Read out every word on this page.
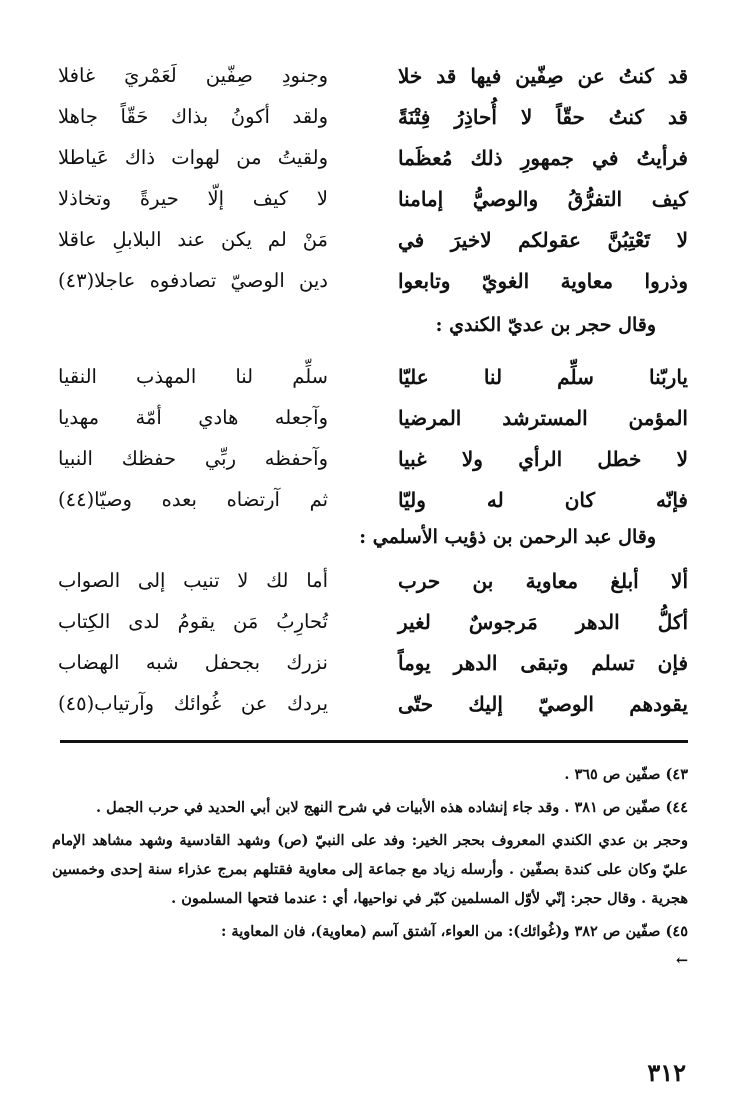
قد كنتُ عن صِفّين فيها قد خلا
وجنودِ صِفّين لَعَمْريَ غافلا
قد كنتُ حقّاً لا أُحاذِرُ فِتْنَةً
ولقد أكونُ بذاك حَقّاً جاهلا
فرأيتُ في جمهورِ ذلك مُعظَما
ولقيتُ من لهوات ذاك عَياطلا
كيف التفرُّقُ والوصيُّ إمامنا
لا كيف إلّا حيرةً وتخاذلا
لا تَعْتِبُنَّ عقولكم لاخيرَ في
مَنْ لم يكن عند البلابلِ عاقلا
وذروا معاوية الغويّ وتابعوا
دين الوصيّ تصادفوه عاجلا(٤٣)
وقال حجر بن عديّ الكندي :
ياربّنا سلِّم لنا عليّا
سلِّم لنا المهذب النقيا
المؤمن المسترشد المرضيا
وآجعله هادي أمّة مهديا
لا خطل الرأي ولا غبيا
وآحفظه ربِّي حفظك النبيا
فإنّه كان له وليّا
ثم آرتضاه بعده وصيّا(٤٤)
وقال عبد الرحمن بن ذؤيب الأسلمي :
ألا أبلغ معاوية بن حرب
أما لك لا تنيب إلى الصواب
أكلُّ الدهر مَرجوسٌ لغير
تُحارِبُ مَن يقومُ لدى الكِتاب
فإن تسلم وتبقى الدهر يوماً
نزرك بجحفل شبه الهضاب
يقودهم الوصيّ إليك حتّى
يردك عن غُوائك وآرتياب(٤٥)

٤٣) صفّين ص ٣٦٥ .

٤٤) صفّين ص ٣٨١ . وقد جاء إنشاده هذه الأبيات في شرح النهج لابن أبي الحديد في حرب الجمل .

وحجر بن عدي الكندي المعروف بحجر الخير: وفد على النبيّ (ص) وشهد القادسية وشهد مشاهد الإمام عليّ وكان على كندة بصفّين . وأرسله زياد مع جماعة إلى معاوية فقتلهم بمرج عذراء سنة إحدى وخمسين هجرية . وقال حجر: إنّي لأوّل المسلمين كبّر في نواحيها، أي : عندما فتحها المسلمون .

٤٥) صفّين ص ٣٨٢ و(غُوائك): من العواء، آشتق آسم (معاوية)، فان المعاوية :

←

٣١٢
